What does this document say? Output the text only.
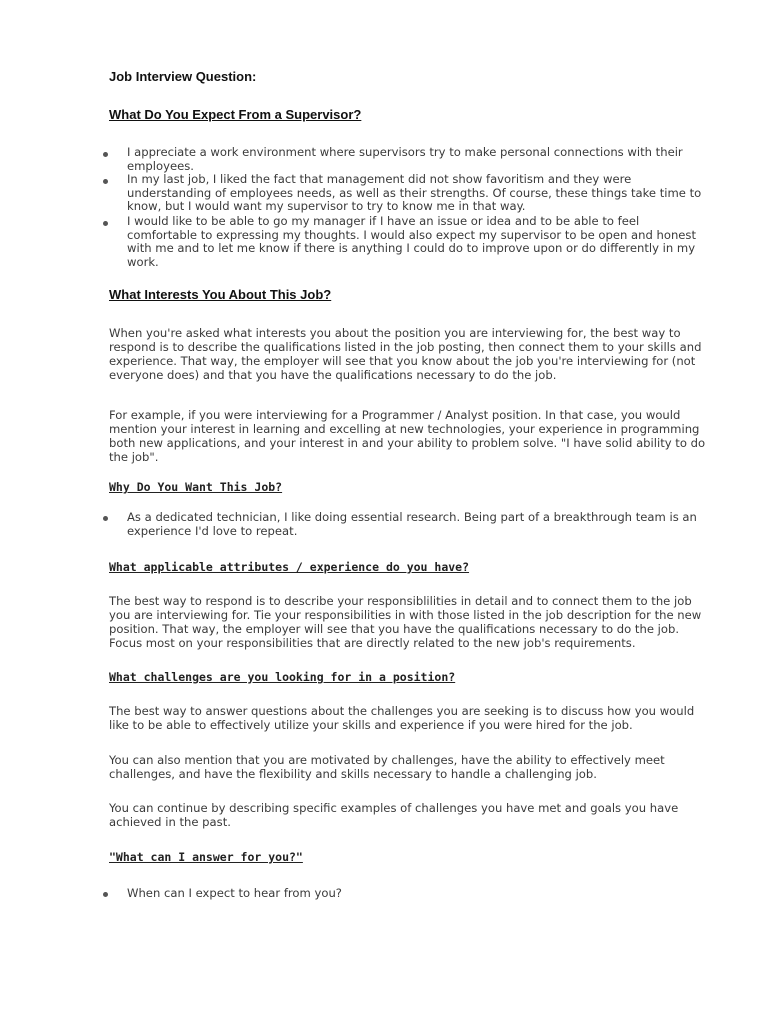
Job Interview Question:
What Do You Expect From a Supervisor?
I appreciate a work environment where supervisors try to make personal connections with their employees.
In my last job, I liked the fact that management did not show favoritism and they were understanding of employees needs, as well as their strengths. Of course, these things take time to know, but I would want my supervisor to try to know me in that way.
I would like to be able to go my manager if I have an issue or idea and to be able to feel comfortable to expressing my thoughts. I would also expect my supervisor to be open and honest with me and to let me know if there is anything I could do to improve upon or do differently in my work.
What Interests You About This Job?
When you're asked what interests you about the position you are interviewing for, the best way to respond is to describe the qualifications listed in the job posting, then connect them to your skills and experience. That way, the employer will see that you know about the job you're interviewing for (not everyone does) and that you have the qualifications necessary to do the job.
For example, if you were interviewing for a Programmer / Analyst position. In that case, you would mention your interest in learning and excelling at new technologies, your experience in programming both new applications, and your interest in and your ability to problem solve. "I have solid ability to do the job".
Why Do You Want This Job?
As a dedicated technician, I like doing essential research. Being part of a breakthrough team is an experience I'd love to repeat.
What applicable attributes / experience do you have?
The best way to respond is to describe your responsiblilities in detail and to connect them to the job you are interviewing for. Tie your responsibilities in with those listed in the job description for the new position. That way, the employer will see that you have the qualifications necessary to do the job. Focus most on your responsibilities that are directly related to the new job's requirements.
What challenges are you looking for in a position?
The best way to answer questions about the challenges you are seeking is to discuss how you would like to be able to effectively utilize your skills and experience if you were hired for the job.
You can also mention that you are motivated by challenges, have the ability to effectively meet challenges, and have the flexibility and skills necessary to handle a challenging job.
You can continue by describing specific examples of challenges you have met and goals you have achieved in the past.
"What can I answer for you?"
When can I expect to hear from you?
